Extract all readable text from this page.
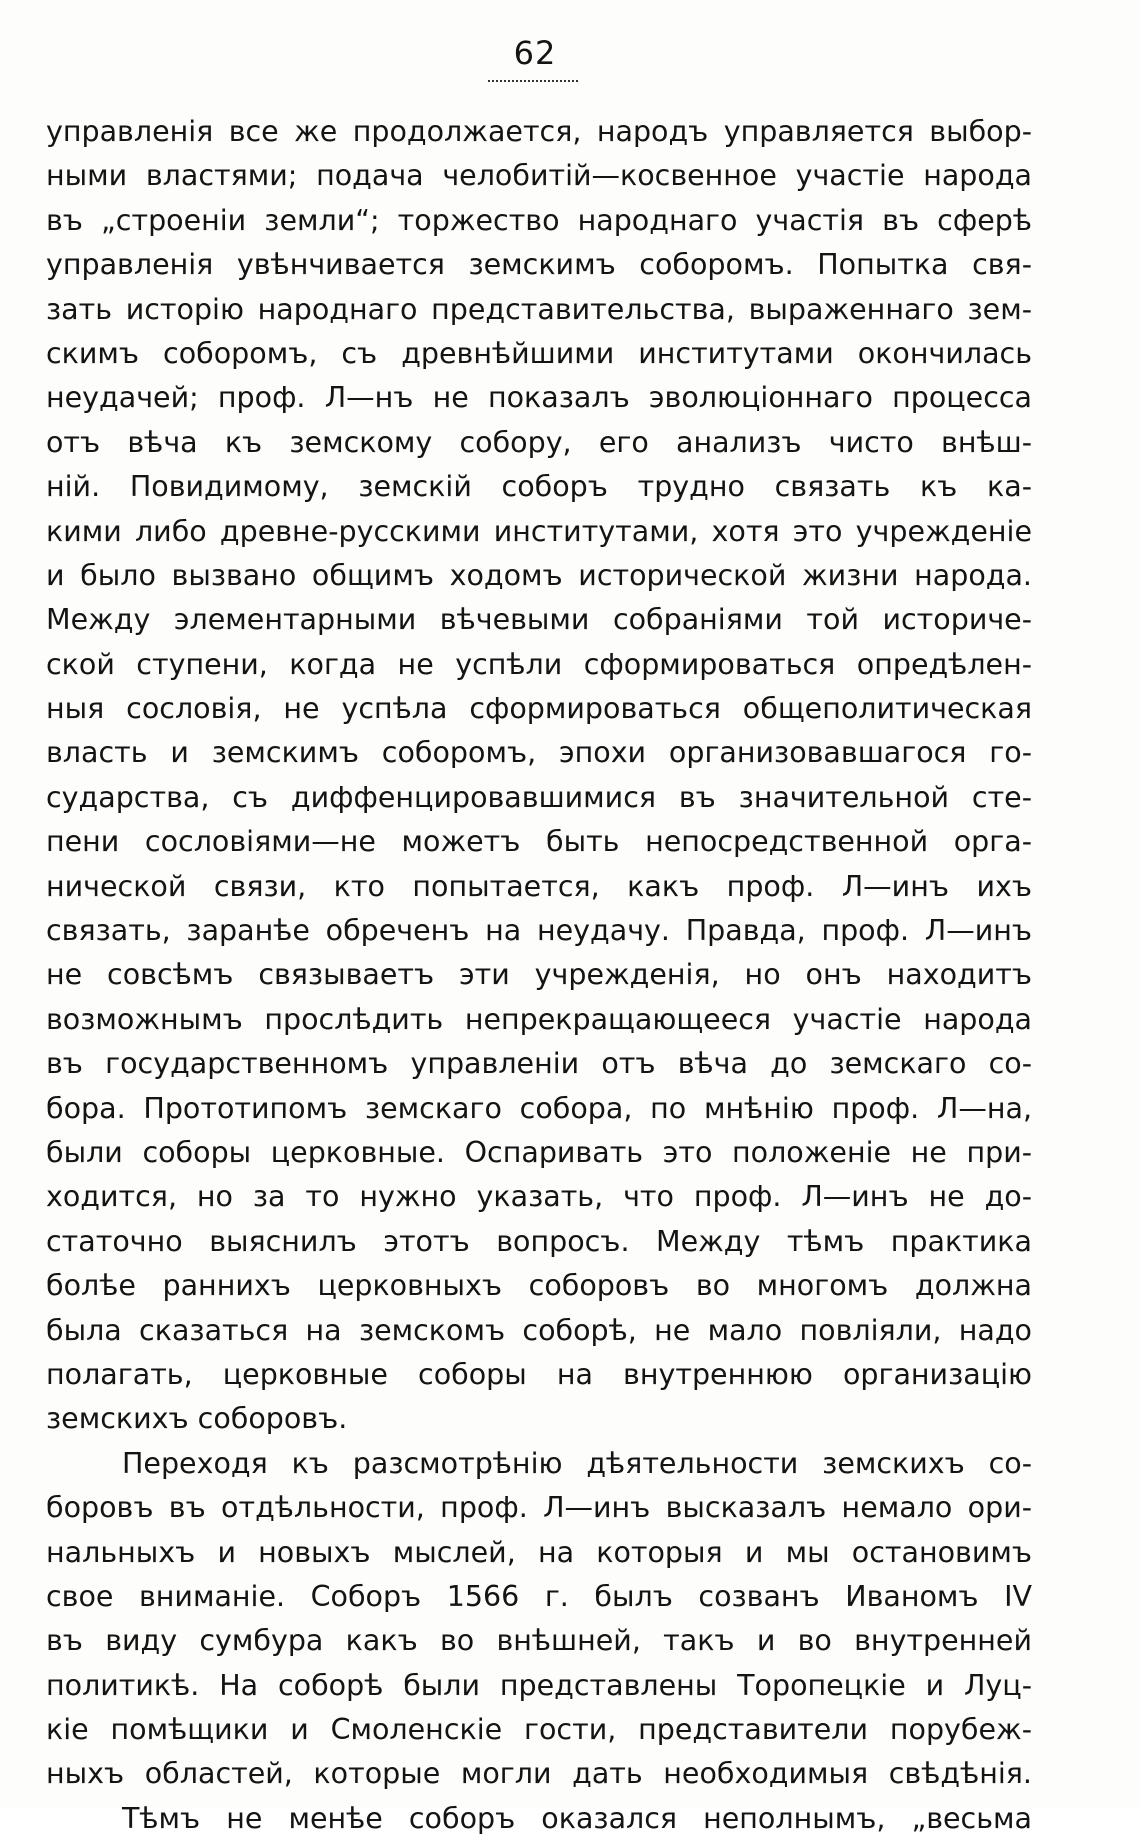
62
управленія все же продолжается, народъ управляется выбор-
ными властями; подача челобитій—косвенное участіе народа
въ „строеніи земли“; торжество народнаго участія въ сферѣ
управленія увѣнчивается земскимъ соборомъ. Попытка свя-
зать исторію народнаго представительства, выраженнаго зем-
скимъ соборомъ, съ древнѣйшими институтами окончилась
неудачей; проф. Л—нъ не показалъ эволюціоннаго процесса
отъ вѣча къ земскому собору, его анализъ чисто внѣш-
ній. Повидимому, земскій соборъ трудно связать къ ка-
кими либо древне-русскими институтами, хотя это учрежденіе
и было вызвано общимъ ходомъ исторической жизни народа.
Между элементарными вѣчевыми собраніями той историче-
ской ступени, когда не успѣли сформироваться опредѣлен-
ныя сословія, не успѣла сформироваться общеполитическая
власть и земскимъ соборомъ, эпохи организовавшагося го-
сударства, съ диффенцировавшимися въ значительной сте-
пени сословіями—не можетъ быть непосредственной орга-
нической связи, кто попытается, какъ проф. Л—инъ ихъ
связать, заранѣе обреченъ на неудачу. Правда, проф. Л—инъ
не совсѣмъ связываетъ эти учрежденія, но онъ находитъ
возможнымъ прослѣдить непрекращающееся участіе народа
въ государственномъ управленіи отъ вѣча до земскаго со-
бора. Прототипомъ земскаго собора, по мнѣнію проф. Л—на,
были соборы церковные. Оспаривать это положеніе не при-
ходится, но за то нужно указать, что проф. Л—инъ не до-
статочно выяснилъ этотъ вопросъ. Между тѣмъ практика
болѣе раннихъ церковныхъ соборовъ во многомъ должна
была сказаться на земскомъ соборѣ, не мало повліяли, надо
полагать, церковные соборы на внутреннюю организацію
земскихъ соборовъ.
Переходя къ разсмотрѣнію дѣятельности земскихъ со-
боровъ въ отдѣльности, проф. Л—инъ высказалъ немало ори-
нальныхъ и новыхъ мыслей, на которыя и мы остановимъ
свое вниманіе. Соборъ 1566 г. былъ созванъ Иваномъ IV
въ виду сумбура какъ во внѣшней, такъ и во внутренней
политикѣ. На соборѣ были представлены Торопецкіе и Луц-
кіе помѣщики и Смоленскіе гости, представители порубеж-
ныхъ областей, которые могли дать необходимыя свѣдѣнія.
Тѣмъ не менѣе соборъ оказался неполнымъ, „весьма
